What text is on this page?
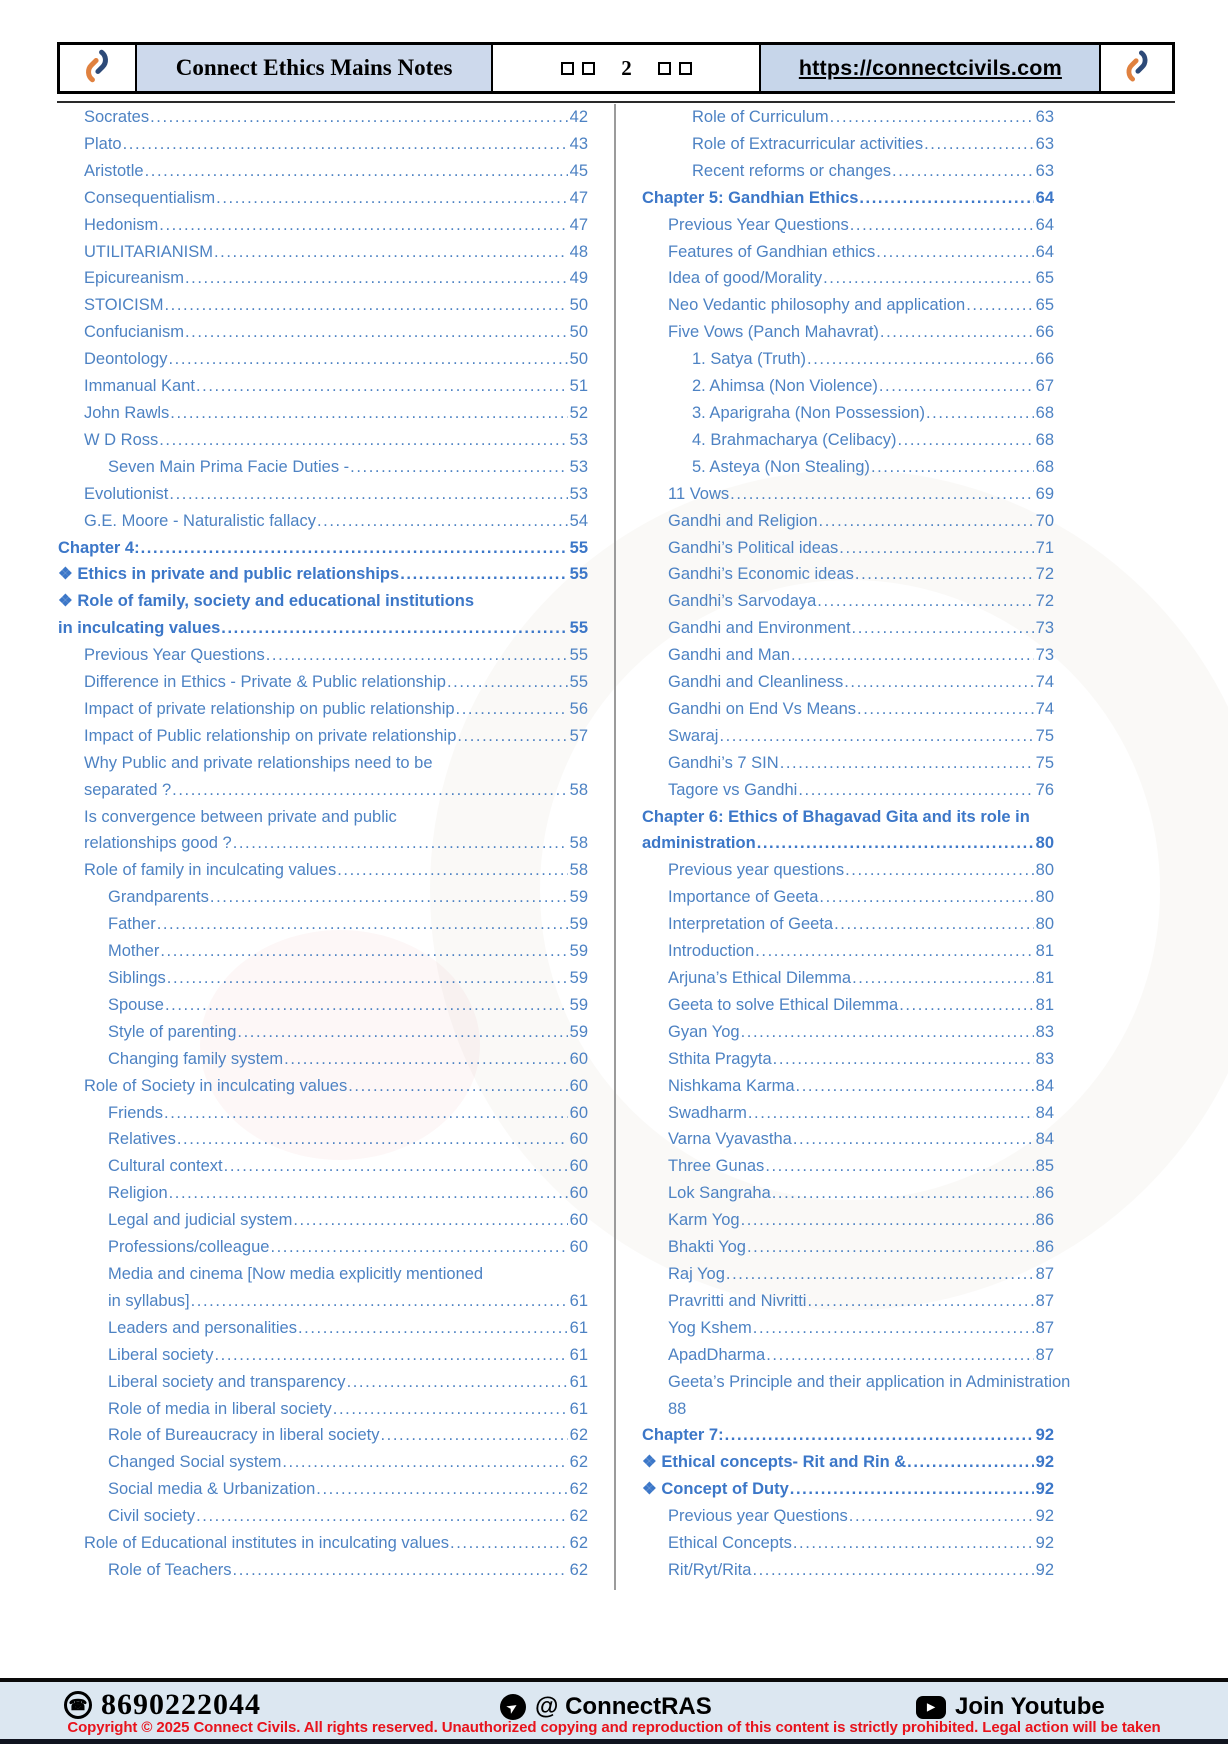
Connect Ethics Mains Notes	2	https://connectcivils.com
Socrates .....	42
Plato .....	43
Aristotle .....	45
Consequentialism .....	47
Hedonism .....	47
UTILITARIANISM .....	48
Epicureanism .....	49
STOICISM .....	50
Confucianism .....	50
Deontology .....	50
Immanual Kant .....	51
John Rawls .....	52
W D Ross .....	53
Seven Main Prima Facie Duties - .....	53
Evolutionist .....	53
G.E. Moore - Naturalistic fallacy .....	54
Chapter 4: .....	55
❖ Ethics in private and public relationships .....	55
❖ Role of family, society and educational institutions
in inculcating values .....	55
Previous Year Questions .....	55
Difference in Ethics - Private & Public relationship .....	55
Impact of private relationship on public relationship .....	56
Impact of Public relationship on private relationship .....	57
Why Public and private relationships need to be
separated ? .....	58
Is convergence between private and public
relationships good ? .....	58
Role of family in inculcating values .....	58
Grandparents .....	59
Father .....	59
Mother .....	59
Siblings .....	59
Spouse .....	59
Style of parenting .....	59
Changing family system .....	60
Role of Society in inculcating values .....	60
Friends .....	60
Relatives .....	60
Cultural context .....	60
Religion .....	60
Legal and judicial system .....	60
Professions/colleague .....	60
Media and cinema [Now media explicitly mentioned
in syllabus] .....	61
Leaders and personalities .....	61
Liberal society .....	61
Liberal society and transparency .....	61
Role of media in liberal society .....	61
Role of Bureaucracy in liberal society .....	62
Changed Social system .....	62
Social media & Urbanization .....	62
Civil society .....	62
Role of Educational institutes in inculcating values .....	62
Role of Teachers .....	62
Role of Curriculum .....	63
Role of Extracurricular activities .....	63
Recent reforms or changes .....	63
Chapter 5: Gandhian Ethics .....	64
Previous Year Questions .....	64
Features of Gandhian ethics .....	64
Idea of good/Morality .....	65
Neo Vedantic philosophy and application .....	65
Five Vows (Panch Mahavrat) .....	66
1. Satya (Truth) .....	66
2. Ahimsa (Non Violence) .....	67
3. Aparigraha (Non Possession) .....	68
4. Brahmacharya (Celibacy) .....	68
5. Asteya (Non Stealing) .....	68
11 Vows .....	69
Gandhi and Religion .....	70
Gandhi’s Political ideas .....	71
Gandhi’s Economic ideas .....	72
Gandhi’s Sarvodaya .....	72
Gandhi and Environment .....	73
Gandhi and Man .....	73
Gandhi and Cleanliness .....	74
Gandhi on End Vs Means .....	74
Swaraj .....	75
Gandhi’s 7 SIN .....	75
Tagore vs Gandhi .....	76
Chapter 6: Ethics of Bhagavad Gita and its role in
administration .....	80
Previous year questions .....	80
Importance of Geeta .....	80
Interpretation of Geeta .....	80
Introduction .....	81
Arjuna’s Ethical Dilemma .....	81
Geeta to solve Ethical Dilemma .....	81
Gyan Yog .....	83
Sthita Pragyta .....	83
Nishkama Karma .....	84
Swadharm .....	84
Varna Vyavastha .....	84
Three Gunas .....	85
Lok Sangraha .....	86
Karm Yog .....	86
Bhakti Yog .....	86
Raj Yog .....	87
Pravritti and Nivritti .....	87
Yog Kshem .....	87
ApadDharma .....	87
Geeta’s Principle and their application in Administration
88
Chapter 7: .....	92
❖ Ethical concepts- Rit and Rin & .....	92
❖ Concept of Duty .....	92
Previous year Questions .....	92
Ethical Concepts .....	92
Rit/Ryt/Rita .....	92
☎ 8690222044	➤ @ ConnectRAS	▶ Join Youtube
Copyright © 2025 Connect Civils. All rights reserved. Unauthorized copying and reproduction of this content is strictly prohibited. Legal action will be taken
